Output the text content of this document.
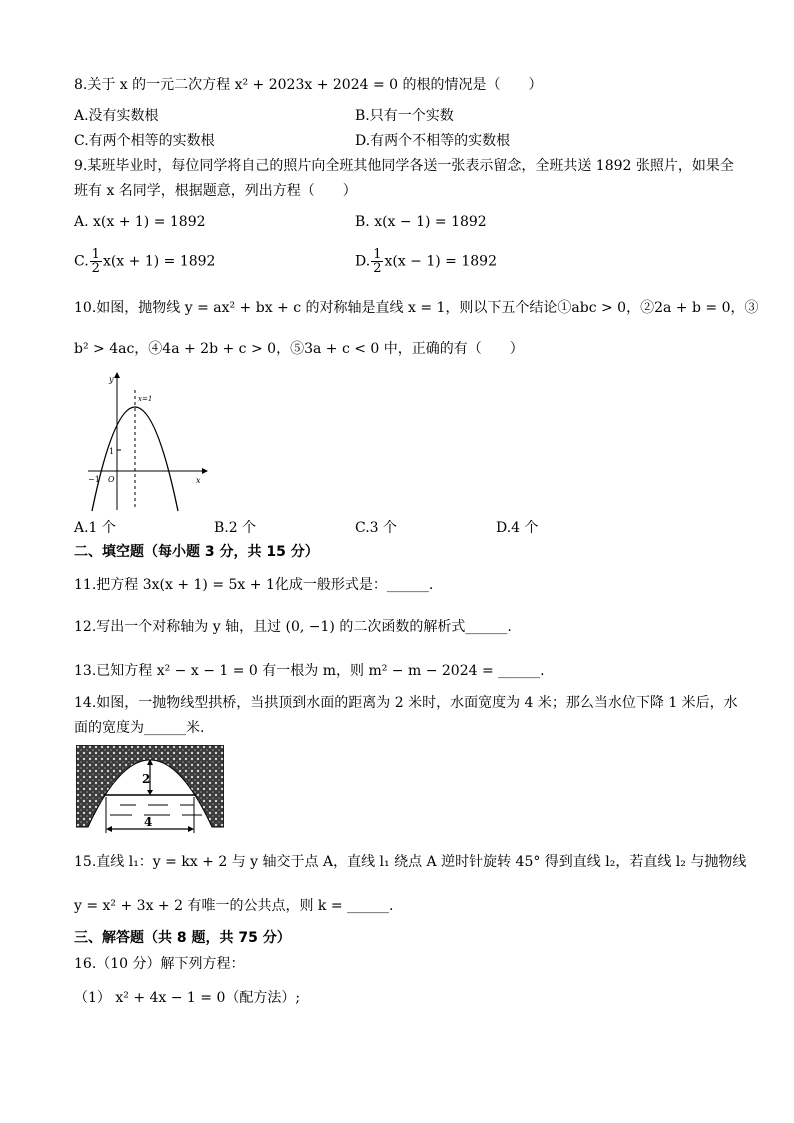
8.关于 x 的一元二次方程 x² + 2023x + 2024 = 0 的根的情况是（　　）
A.没有实数根	B.只有一个实数
C.有两个相等的实数根	D.有两个不相等的实数根
9.某班毕业时，每位同学将自己的照片向全班其他同学各送一张表示留念，全班共送 1892 张照片，如果全
班有 x 名同学，根据题意，列出方程（　　）
A. x(x + 1) = 1892	B. x(x − 1) = 1892
C. $\frac{1}{2} x(x + 1) = 1892$	D. $\frac{1}{2} x(x - 1) = 1892$
10.如图，抛物线 y = ax² + bx + c 的对称轴是直线 x = 1，则以下五个结论①abc > 0，②2a + b = 0，③
b² > 4ac，④4a + 2b + c > 0，⑤3a + c < 0 中，正确的有（　　）
y
x
x=1
1
−1 O
A.1 个	B.2 个	C.3 个	D.4 个
二、填空题（每小题 3 分，共 15 分）
11.把方程 3x(x + 1) = 5x + 1化成一般形式是：______.
12.写出一个对称轴为 y 轴，且过 (0, −1) 的二次函数的解析式______.
13.已知方程 x² − x − 1 = 0 有一根为 m，则 m² − m − 2024 = ______.
14.如图，一抛物线型拱桥，当拱顶到水面的距离为 2 米时，水面宽度为 4 米；那么当水位下降 1 米后，水
面的宽度为______米.
2
4
15.直线 l₁：y = kx + 2 与 y 轴交于点 A，直线 l₁ 绕点 A 逆时针旋转 45° 得到直线 l₂，若直线 l₂ 与抛物线
y = x² + 3x + 2 有唯一的公共点，则 k = ______.
三、解答题（共 8 题，共 75 分）
16.（10 分）解下列方程：
（1） x² + 4x − 1 = 0（配方法）;
